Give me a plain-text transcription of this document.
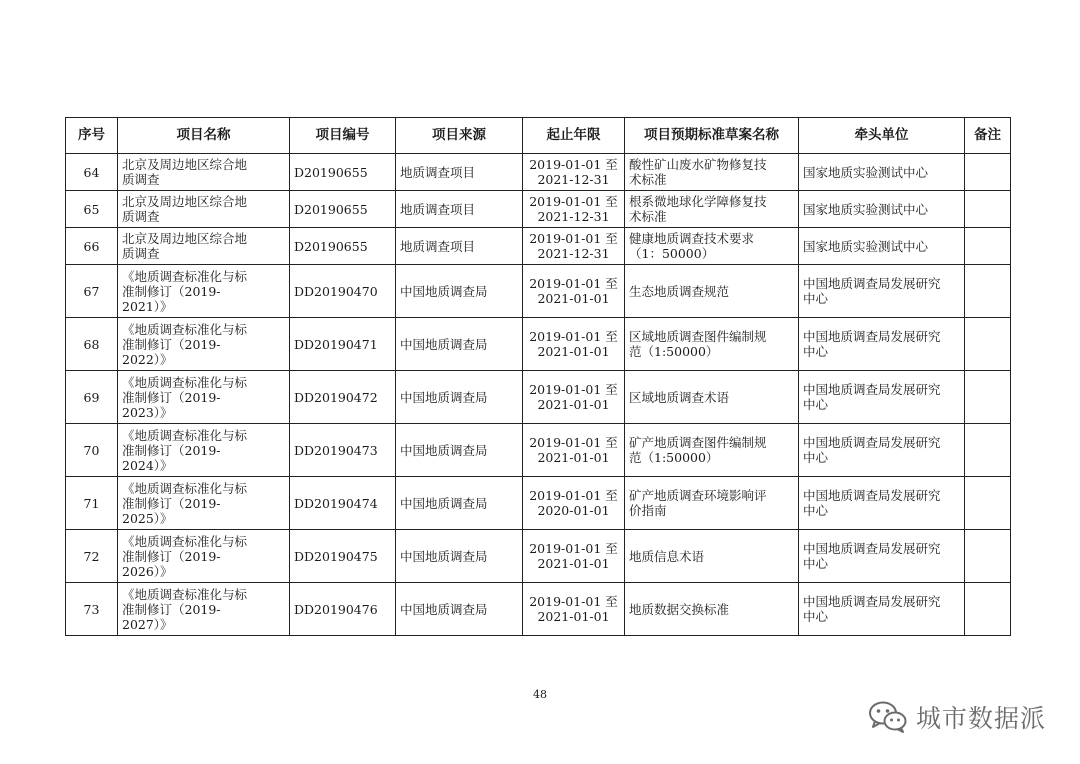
序号	项目名称	项目编号	项目来源	起止年限	项目预期标准草案名称	牵头单位	备注
64	北京及周边地区综合地
质调查	D20190655	地质调查项目	2019-01-01 至
2021-12-31	酸性矿山废水矿物修复技
术标准	国家地质实验测试中心	

65	北京及周边地区综合地
质调查	D20190655	地质调查项目	2019-01-01 至
2021-12-31	根系微地球化学障修复技
术标准	国家地质实验测试中心	

66	北京及周边地区综合地
质调查	D20190655	地质调查项目	2019-01-01 至
2021-12-31	健康地质调查技术要求
（1：50000）	国家地质实验测试中心	

67	《地质调查标准化与标
准制修订（2019-
2021）》	DD20190470	中国地质调查局	2019-01-01 至
2021-01-01	生态地质调查规范	中国地质调查局发展研究
中心	

68	《地质调查标准化与标
准制修订（2019-
2022）》	DD20190471	中国地质调查局	2019-01-01 至
2021-01-01	区域地质调查图件编制规
范（1:50000）	中国地质调查局发展研究
中心	

69	《地质调查标准化与标
准制修订（2019-
2023）》	DD20190472	中国地质调查局	2019-01-01 至
2021-01-01	区域地质调查术语	中国地质调查局发展研究
中心	

70	《地质调查标准化与标
准制修订（2019-
2024）》	DD20190473	中国地质调查局	2019-01-01 至
2021-01-01	矿产地质调查图件编制规
范（1:50000）	中国地质调查局发展研究
中心	

71	《地质调查标准化与标
准制修订（2019-
2025）》	DD20190474	中国地质调查局	2019-01-01 至
2020-01-01	矿产地质调查环境影响评
价指南	中国地质调查局发展研究
中心	

72	《地质调查标准化与标
准制修订（2019-
2026）》	DD20190475	中国地质调查局	2019-01-01 至
2021-01-01	地质信息术语	中国地质调查局发展研究
中心	

73	《地质调查标准化与标
准制修订（2019-
2027）》	DD20190476	中国地质调查局	2019-01-01 至
2021-01-01	地质数据交换标准	中国地质调查局发展研究
中心	

48
城市数据派
